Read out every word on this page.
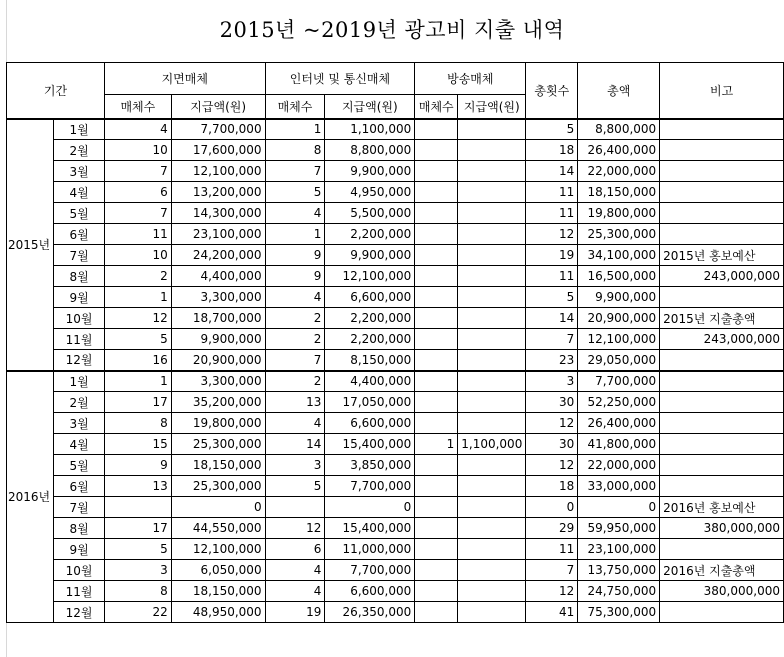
2015년 ~2019년 광고비 지출 내역
기간		지면매체		인터넷 및 통신매체		방송매체		총횟수	총액	비고
		매체수	지급액(원)	매체수	지급액(원)	매체수	지급액(원)			
2015년	1월	4	7,700,000	1	1,100,000			5	8,800,000	
	2월	10	17,600,000	8	8,800,000			18	26,400,000	
	3월	7	12,100,000	7	9,900,000			14	22,000,000	
	4월	6	13,200,000	5	4,950,000			11	18,150,000	
	5월	7	14,300,000	4	5,500,000			11	19,800,000	
	6월	11	23,100,000	1	2,200,000			12	25,300,000	
	7월	10	24,200,000	9	9,900,000			19	34,100,000	2015년 홍보예산
	8월	2	4,400,000	9	12,100,000			11	16,500,000	243,000,000
	9월	1	3,300,000	4	6,600,000			5	9,900,000	
	10월	12	18,700,000	2	2,200,000			14	20,900,000	2015년 지출총액
	11월	5	9,900,000	2	2,200,000			7	12,100,000	243,000,000
	12월	16	20,900,000	7	8,150,000			23	29,050,000	
2016년	1월	1	3,300,000	2	4,400,000			3	7,700,000	
	2월	17	35,200,000	13	17,050,000			30	52,250,000	
	3월	8	19,800,000	4	6,600,000			12	26,400,000	
	4월	15	25,300,000	14	15,400,000	1	1,100,000	30	41,800,000	
	5월	9	18,150,000	3	3,850,000			12	22,000,000	
	6월	13	25,300,000	5	7,700,000			18	33,000,000	
	7월		0		0			0	0	2016년 홍보예산
	8월	17	44,550,000	12	15,400,000			29	59,950,000	380,000,000
	9월	5	12,100,000	6	11,000,000			11	23,100,000	
	10월	3	6,050,000	4	7,700,000			7	13,750,000	2016년 지출총액
	11월	8	18,150,000	4	6,600,000			12	24,750,000	380,000,000
	12월	22	48,950,000	19	26,350,000			41	75,300,000	
